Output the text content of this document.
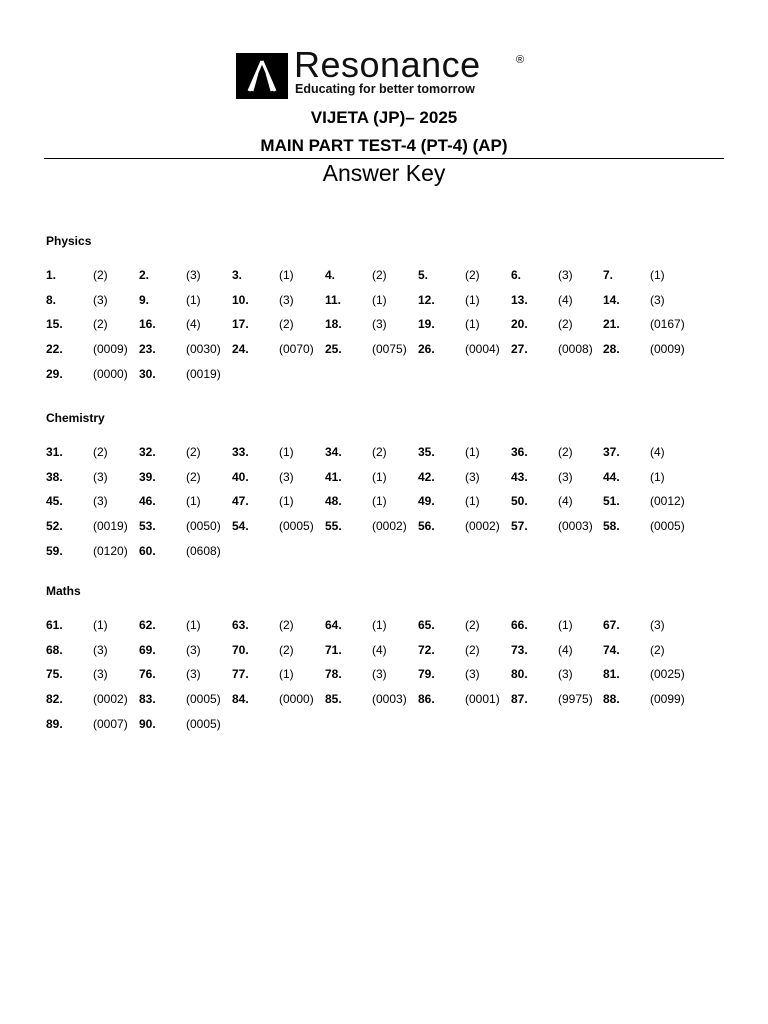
Resonance	®
Educating for better tomorrow
VIJETA (JP)– 2025
MAIN PART TEST-4 (PT-4) (AP)
Answer Key
Physics
1.	(2)	2.	(3)	3.	(1)	4.	(2)	5.	(2)	6.	(3)	7.	(1)
8.	(3)	9.	(1)	10.	(3)	11.	(1)	12.	(1)	13.	(4)	14.	(3)
15.	(2)	16.	(4)	17.	(2)	18.	(3)	19.	(1)	20.	(2)	21.	(0167)
22.	(0009) 23.	(0030) 24.	(0070) 25.	(0075) 26.	(0004) 27.	(0008) 28.	(0009)
29.	(0000) 30.	(0019)
Chemistry
31.	(2)	32.	(2)	33.	(1)	34.	(2)	35.	(1)	36.	(2)	37.	(4)
38.	(3)	39.	(2)	40.	(3)	41.	(1)	42.	(3)	43.	(3)	44.	(1)
45.	(3)	46.	(1)	47.	(1)	48.	(1)	49.	(1)	50.	(4)	51.	(0012)
52.	(0019) 53.	(0050) 54.	(0005) 55.	(0002) 56.	(0002) 57.	(0003) 58.	(0005)
59.	(0120) 60.	(0608)
Maths
61.	(1)	62.	(1)	63.	(2)	64.	(1)	65.	(2)	66.	(1)	67.	(3)
68.	(3)	69.	(3)	70.	(2)	71.	(4)	72.	(2)	73.	(4)	74.	(2)
75.	(3)	76.	(3)	77.	(1)	78.	(3)	79.	(3)	80.	(3)	81.	(0025)
82.	(0002) 83.	(0005) 84.	(0000) 85.	(0003) 86.	(0001) 87.	(9975) 88.	(0099)
89.	(0007) 90.	(0005)
